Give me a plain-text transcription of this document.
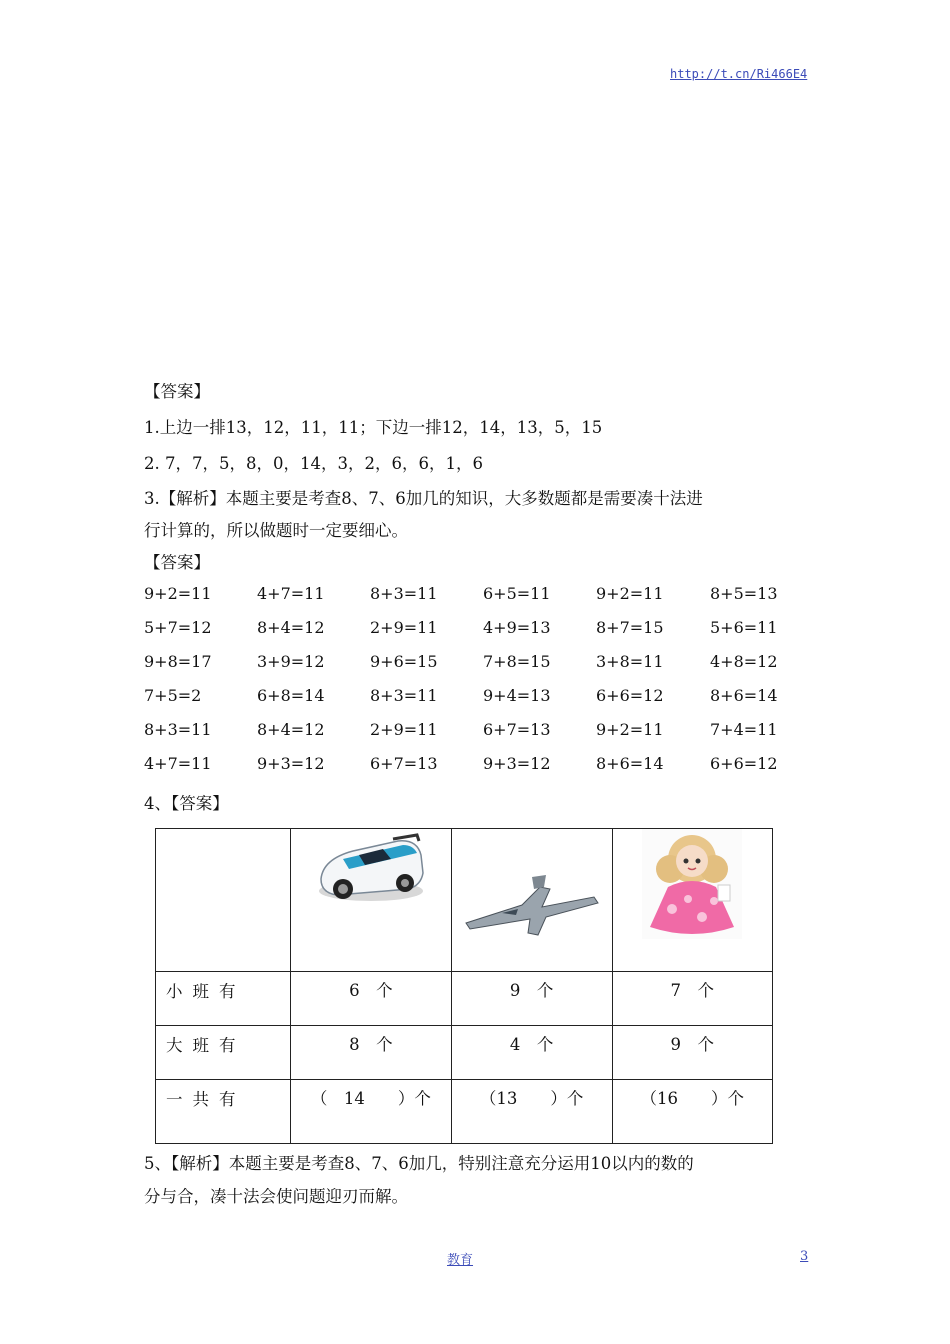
http://t.cn/Ri466E4
【答案】
1.上边一排13，12，11，11；下边一排12，14，13，5，15
2. 7，7，5，8，0，14，3，2，6，6，1，6
3.【解析】本题主要是考查8、7、6加几的知识，大多数题都是需要凑十法进
行计算的，所以做题时一定要细心。
【答案】
9+2=11	4+7=11	8+3=11	6+5=11	9+2=11	8+5=13
5+7=12	8+4=12	2+9=11	4+9=13	8+7=15	5+6=11
9+8=17	3+9=12	9+6=15	7+8=15	3+8=11	4+8=12
7+5=2	6+8=14	8+3=11	9+4=13	6+6=12	8+6=14
8+3=11	8+4=12	2+9=11	6+7=13	9+2=11	7+4=11
4+7=11	9+3=12	6+7=13	9+3=12	8+6=14	6+6=12
4、【答案】

小班有	6　个	9　个	7　个
大班有	8　个	4　个	9　个
一共有	（　14　　）个	（13　　）个	（16　　）个
5、【解析】本题主要是考查8、7、6加几，特别注意充分运用10以内的数的
分与合，凑十法会使问题迎刃而解。
教育	3
